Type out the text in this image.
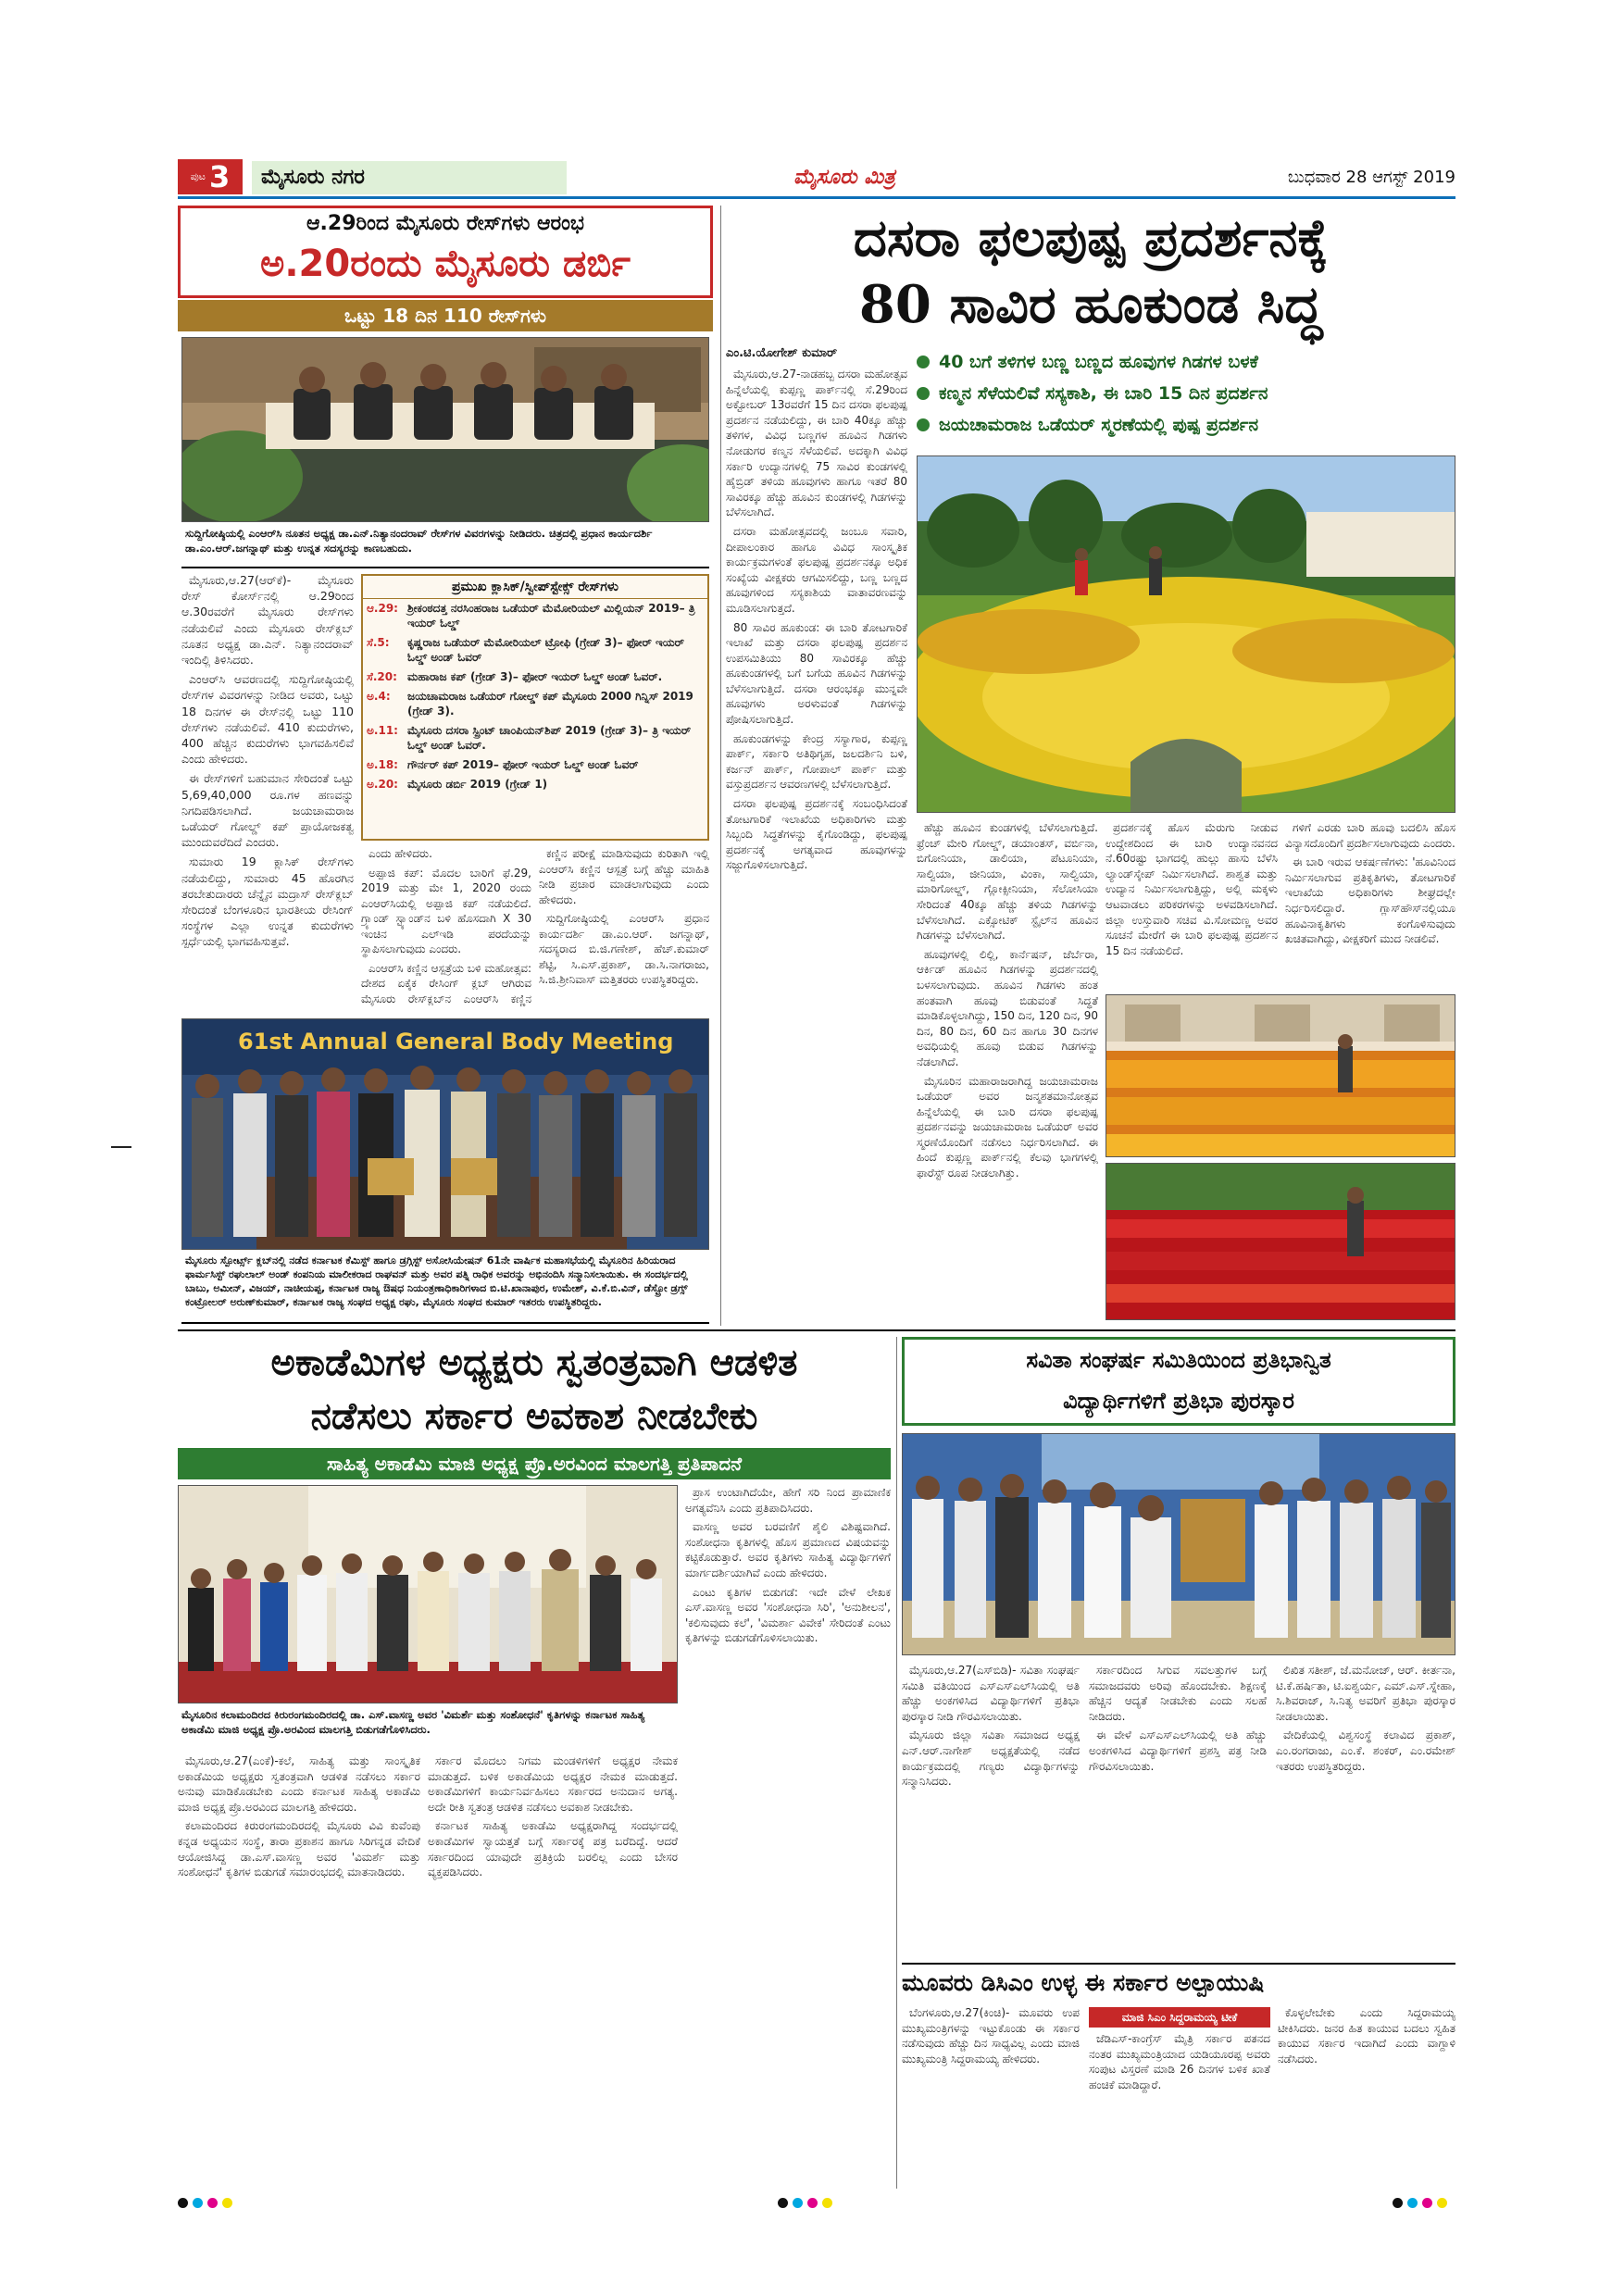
ಪುಟ 3	ಮೈಸೂರು ನಗರ	ಮೈಸೂರು ಮಿತ್ರ	ಬುಧವಾರ 28 ಆಗಸ್ಟ್ 2019
ಆ.29ರಿಂದ ಮೈಸೂರು ರೇಸ್‌ಗಳು ಆರಂಭ
ಅ.20ರಂದು ಮೈಸೂರು ಡರ್ಬಿ
ಒಟ್ಟು 18 ದಿನ 110 ರೇಸ್‌ಗಳು
ಸುದ್ದಿಗೋಷ್ಠಿಯಲ್ಲಿ ಎಂಆರ್‌ಸಿ ನೂತನ ಅಧ್ಯಕ್ಷ ಡಾ.ಎನ್.ನಿತ್ಯಾನಂದರಾವ್ ರೇಸ್‌ಗಳ ವಿವರಗಳನ್ನು ನೀಡಿದರು. ಚಿತ್ರದಲ್ಲಿ ಪ್ರಧಾನ ಕಾರ್ಯದರ್ಶಿ ಡಾ.ಎಂ.ಆರ್.ಜಗನ್ನಾಥ್ ಮತ್ತು ಉನ್ನತ ಸದಸ್ಯರನ್ನು ಕಾಣಬಹುದು.

ಮೈಸೂರು,ಆ.27(ಆರ್‌ಕೆ)- ಮೈಸೂರು ರೇಸ್ ಕೋರ್ಸ್‌ನಲ್ಲಿ ಆ.29ರಿಂದ ಆ.30ರವರೆಗೆ ಮೈಸೂರು ರೇಸ್‌ಗಳು ನಡೆಯಲಿವೆ ಎಂದು ಮೈಸೂರು ರೇಸ್‌ಕ್ಲಬ್ ನೂತನ ಅಧ್ಯಕ್ಷ ಡಾ.ಎನ್. ನಿತ್ಯಾನಂದರಾವ್ ಇಂದಿಲ್ಲಿ ತಿಳಿಸಿದರು.

ಎಂಆರ್‌ಸಿ ಆವರಣದಲ್ಲಿ ಸುದ್ದಿಗೋಷ್ಠಿಯಲ್ಲಿ ರೇಸ್‌ಗಳ ವಿವರಗಳನ್ನು ನೀಡಿದ ಅವರು, ಒಟ್ಟು 18 ದಿನಗಳ ಈ ರೇಸ್‌ನಲ್ಲಿ ಒಟ್ಟು 110 ರೇಸ್‌ಗಳು ನಡೆಯಲಿವೆ. 410 ಕುದುರೆಗಳು, 400 ಹೆಚ್ಚಿನ ಕುದುರೆಗಳು ಭಾಗವಹಿಸಲಿವೆ ಎಂದು ಹೇಳಿದರು.

ಈ ರೇಸ್‌ಗಳಿಗೆ ಬಹುಮಾನ ಸೇರಿದಂತೆ ಒಟ್ಟು 5,69,40,000 ರೂ.ಗಳ ಹಣವನ್ನು ನಿಗದಿಪಡಿಸಲಾಗಿದೆ. ಜಯಚಾಮರಾಜ ಒಡೆಯರ್ ಗೋಲ್ಡ್ ಕಪ್ ಪ್ರಾಯೋಜಕತ್ವ ಮುಂದುವರೆದಿದೆ ಎಂದರು.

ಸುಮಾರು 19 ಕ್ಲಾಸಿಕ್ ರೇಸ್‌ಗಳು ನಡೆಯಲಿದ್ದು, ಸುಮಾರು 45 ಹೊರಗಿನ ತರಬೇತುದಾರರು ಚೆನ್ನೈನ ಮದ್ರಾಸ್ ರೇಸ್‌ಕ್ಲಬ್ ಸೇರಿದಂತೆ ಬೆಂಗಳೂರಿನ ಭಾರತೀಯ ರೇಸಿಂಗ್ ಸಂಸ್ಥೆಗಳ ಎಲ್ಲಾ ಉನ್ನತ ಕುದುರೆಗಳು ಸ್ಪರ್ಧೆಯಲ್ಲಿ ಭಾಗವಹಿಸುತ್ತವೆ.

ಪ್ರಮುಖ ಕ್ಲಾಸಿಕ್/ಸ್ವೀಪ್‌ಸ್ಟೇಕ್ಸ್ ರೇಸ್‌ಗಳು
ಆ.29: ಶ್ರೀಕಂಠದತ್ತ ನರಸಿಂಹರಾಜ ಒಡೆಯರ್ ಮೆಮೋರಿಯಲ್ ಮಿಲ್ಲಿಯನ್ 2019– ತ್ರಿ ಇಯರ್ ಓಲ್ಡ್
ಸೆ.5:	ಕೃಷ್ಣರಾಜ ಒಡೆಯರ್ ಮೆಮೋರಿಯಲ್ ಟ್ರೋಫಿ (ಗ್ರೇಡ್ 3)– ಫೋರ್ ಇಯರ್ ಓಲ್ಡ್ ಅಂಡ್ ಓವರ್
ಸೆ.20: ಮಹಾರಾಜ ಕಪ್ (ಗ್ರೇಡ್ 3)– ಫೋರ್ ಇಯರ್ ಓಲ್ಡ್ ಅಂಡ್ ಓವರ್.
ಅ.4:	ಜಯಚಾಮರಾಜ ಒಡೆಯರ್ ಗೋಲ್ಡ್ ಕಪ್ ಮೈಸೂರು 2000 ಗಿನ್ನಿಸ್ 2019 (ಗ್ರೇಡ್ 3).
ಅ.11: ಮೈಸೂರು ದಸರಾ ಸ್ಪ್ರಿಂಟ್ ಚಾಂಪಿಯನ್‌ಶಿಪ್ 2019 (ಗ್ರೇಡ್ 3)– ತ್ರಿ ಇಯರ್ ಓಲ್ಡ್ ಅಂಡ್ ಓವರ್.
ಅ.18: ಗೌರ್ನರ್ ಕಪ್ 2019– ಫೋರ್ ಇಯರ್ ಓಲ್ಡ್ ಅಂಡ್ ಓವರ್
ಅ.20: ಮೈಸೂರು ಡರ್ಬಿ 2019 (ಗ್ರೇಡ್ 1)

ಎಂದು ಹೇಳಿದರು.

ಅಪ್ಪಾಜಿ ಕಪ್: ಮೊದಲ ಬಾರಿಗೆ ಫೆ.29, 2019 ಮತ್ತು ಮೇ 1, 2020 ರಂದು ಎಂಆರ್‌ಸಿಯಲ್ಲಿ ಅಪ್ಪಾಜಿ ಕಪ್ ನಡೆಯಲಿದೆ. ಗ್ರ್ಯಾಂಡ್ ಸ್ಟ್ಯಾಂಡ್‌ನ ಬಳಿ ಹೊಸದಾಗಿ X 30 ಇಂಚಿನ ಎಲ್ಇಡಿ ಪರದೆಯನ್ನು ಸ್ಥಾಪಿಸಲಾಗುವುದು ಎಂದರು.

ಎಂಆರ್‌ಸಿ ಕಣ್ಣಿನ ಆಸ್ಪತ್ರೆಯ ಬಳಿ ಮಹೋತ್ಸವ: ದೇಶದ ಏಕೈಕ ರೇಸಿಂಗ್ ಕ್ಲಬ್ ಆಗಿರುವ ಮೈಸೂರು ರೇಸ್‌ಕ್ಲಬ್‌ನ ಎಂಆರ್‌ಸಿ ಕಣ್ಣಿನ

ಕಣ್ಣಿನ ಪರೀಕ್ಷೆ ಮಾಡಿಸುವುದು ಕುರಿತಾಗಿ ಇಲ್ಲಿ ಎಂಆರ್‌ಸಿ ಕಣ್ಣಿನ ಆಸ್ಪತ್ರೆ ಬಗ್ಗೆ ಹೆಚ್ಚು ಮಾಹಿತಿ ನೀಡಿ ಪ್ರಚಾರ ಮಾಡಲಾಗುವುದು ಎಂದು ಹೇಳಿದರು.

ಸುದ್ದಿಗೋಷ್ಠಿಯಲ್ಲಿ ಎಂಆರ್‌ಸಿ ಪ್ರಧಾನ ಕಾರ್ಯದರ್ಶಿ ಡಾ.ಎಂ.ಆರ್. ಜಗನ್ನಾಥ್, ಸದಸ್ಯರಾದ ಬಿ.ಜಿ.ಗಣೇಶ್, ಹೆಚ್.ಕುಮಾರ್ ಶೆಟ್ಟಿ, ಸಿ.ಎಸ್.ಪ್ರಕಾಶ್, ಡಾ.ಸಿ.ನಾಗರಾಜು, ಸಿ.ಜಿ.ಶ್ರೀನಿವಾಸ್ ಮತ್ತಿತರರು ಉಪಸ್ಥಿತರಿದ್ದರು.

61st Annual General Body Meeting
ಮೈಸೂರು ಸ್ಪೋರ್ಟ್ಸ್ ಕ್ಲಬ್‌ನಲ್ಲಿ ನಡೆದ ಕರ್ನಾಟಕ ಕೆಮಿಸ್ಟ್ ಹಾಗೂ ಡ್ರಗ್ಗಿಸ್ಟ್ ಅಸೋಸಿಯೇಷನ್ 61ನೇ ವಾರ್ಷಿಕ ಮಹಾಸಭೆಯಲ್ಲಿ ಮೈಸೂರಿನ ಹಿರಿಯರಾದ ಫಾರ್ಮಸಿಸ್ಟ್ ರಘುಲಾಲ್ ಅಂಡ್ ಕಂಪನಿಯ ಮಾಲೀಕರಾದ ರಾಘವನ್ ಮತ್ತು ಅವರ ಪತ್ನಿ ರಾಧಿಕ ಅವರನ್ನು ಅಭಿನಂದಿಸಿ ಸನ್ಮಾನಿಸಲಾಯಿತು. ಈ ಸಂದರ್ಭದಲ್ಲಿ ಬಾಬು, ಅಮೀನ್, ವಿಜಯ್, ನಾಚೀಯಪ್ಪ, ಕರ್ನಾಟಕ ರಾಜ್ಯ ಔಷಧ ನಿಯಂತ್ರಣಾಧಿಕಾರಿಗಳಾದ ಬಿ.ಟಿ.ಖಾನಾಪುರ, ಉಮೇಶ್, ವಿ.ಕೆ.ಬಿ.ವಿನ್, ಡೆಸ್ಟ್ರೋ ಡ್ರಗ್ಸ್ ಕಂಟ್ರೋಲರ್ ಅರುಣ್‌ಕುಮಾರ್, ಕರ್ನಾಟಕ ರಾಜ್ಯ ಸಂಘದ ಅಧ್ಯಕ್ಷ ರಘು, ಮೈಸೂರು ಸಂಘದ ಕುಮಾರ್ ಇತರರು ಉಪಸ್ಥಿತರಿದ್ದರು.
ದಸರಾ ಫಲಪುಷ್ಪ ಪ್ರದರ್ಶನಕ್ಕೆ
80 ಸಾವಿರ ಹೂಕುಂಡ ಸಿದ್ಧ
ಎಂ.ಟಿ.ಯೋಗೇಶ್ ಕುಮಾರ್

ಮೈಸೂರು,ಆ.27-ನಾಡಹಬ್ಬ ದಸರಾ ಮಹೋತ್ಸವ ಹಿನ್ನೆಲೆಯಲ್ಲಿ ಕುಪ್ಪಣ್ಣ ಪಾರ್ಕ್‌ನಲ್ಲಿ ಸೆ.29ರಿಂದ ಅಕ್ಟೋಬರ್ 13ರವರೆಗೆ 15 ದಿನ ದಸರಾ ಫಲಪುಷ್ಪ ಪ್ರದರ್ಶನ ನಡೆಯಲಿದ್ದು, ಈ ಬಾರಿ 40ಕ್ಕೂ ಹೆಚ್ಚು ತಳಿಗಳ, ವಿವಿಧ ಬಣ್ಣಗಳ ಹೂವಿನ ಗಿಡಗಳು ನೋಡುಗರ ಕಣ್ಮನ ಸೆಳೆಯಲಿವೆ. ಅದಕ್ಕಾಗಿ ವಿವಿಧ ಸರ್ಕಾರಿ ಉದ್ಯಾನಗಳಲ್ಲಿ 75 ಸಾವಿರ ಕುಂಡಗಳಲ್ಲಿ ಹೈಬ್ರಿಡ್ ತಳಿಯ ಹೂವುಗಳು ಹಾಗೂ ಇತರೆ 80 ಸಾವಿರಕ್ಕೂ ಹೆಚ್ಚು ಹೂವಿನ ಕುಂಡಗಳಲ್ಲಿ ಗಿಡಗಳನ್ನು ಬೆಳೆಸಲಾಗಿದೆ.

ದಸರಾ ಮಹೋತ್ಸವದಲ್ಲಿ ಜಂಬೂ ಸವಾರಿ, ದೀಪಾಲಂಕಾರ ಹಾಗೂ ವಿವಿಧ ಸಾಂಸ್ಕೃತಿಕ ಕಾರ್ಯಕ್ರಮಗಳಂತೆ ಫಲಪುಷ್ಪ ಪ್ರದರ್ಶನಕ್ಕೂ ಅಧಿಕ ಸಂಖ್ಯೆಯ ವೀಕ್ಷಕರು ಆಗಮಿಸಲಿದ್ದು, ಬಣ್ಣ ಬಣ್ಣದ ಹೂವುಗಳಿಂದ ಸಸ್ಯಕಾಶಿಯ ವಾತಾವರಣವನ್ನು ಮೂಡಿಸಲಾಗುತ್ತದೆ.

80 ಸಾವಿರ ಹೂಕುಂಡ: ಈ ಬಾರಿ ತೋಟಗಾರಿಕೆ ಇಲಾಖೆ ಮತ್ತು ದಸರಾ ಫಲಪುಷ್ಪ ಪ್ರದರ್ಶನ ಉಪಸಮಿತಿಯು 80 ಸಾವಿರಕ್ಕೂ ಹೆಚ್ಚು ಹೂಕುಂಡಗಳಲ್ಲಿ ಬಗೆ ಬಗೆಯ ಹೂವಿನ ಗಿಡಗಳನ್ನು ಬೆಳೆಸಲಾಗುತ್ತಿದೆ. ದಸರಾ ಆರಂಭಕ್ಕೂ ಮುನ್ನವೇ ಹೂವುಗಳು ಅರಳುವಂತೆ ಗಿಡಗಳನ್ನು ಪೋಷಿಸಲಾಗುತ್ತಿದೆ.

ಹೂಕುಂಡಗಳನ್ನು ಕೇಂದ್ರ ಸಸ್ಯಾಗಾರ, ಕುಪ್ಪಣ್ಣ ಪಾರ್ಕ್, ಸರ್ಕಾರಿ ಅತಿಥಿಗೃಹ, ಜಲದರ್ಶಿನಿ ಬಳಿ, ಕರ್ಜನ್ ಪಾರ್ಕ್, ಗೋಪಾಲ್ ಪಾರ್ಕ್ ಮತ್ತು ವಸ್ತುಪ್ರದರ್ಶನ ಆವರಣಗಳಲ್ಲಿ ಬೆಳೆಸಲಾಗುತ್ತಿದೆ.

ದಸರಾ ಫಲಪುಷ್ಪ ಪ್ರದರ್ಶನಕ್ಕೆ ಸಂಬಂಧಿಸಿದಂತೆ ತೋಟಗಾರಿಕೆ ಇಲಾಖೆಯ ಅಧಿಕಾರಿಗಳು ಮತ್ತು ಸಿಬ್ಬಂದಿ ಸಿದ್ಧತೆಗಳನ್ನು ಕೈಗೊಂಡಿದ್ದು, ಫಲಪುಷ್ಪ ಪ್ರದರ್ಶನಕ್ಕೆ ಅಗತ್ಯವಾದ ಹೂವುಗಳನ್ನು ಸಜ್ಜುಗೊಳಿಸಲಾಗುತ್ತಿದೆ.

40 ಬಗೆ ತಳಿಗಳ ಬಣ್ಣ ಬಣ್ಣದ ಹೂವುಗಳ ಗಿಡಗಳ ಬಳಕೆ
ಕಣ್ಮನ ಸೆಳೆಯಲಿವೆ ಸಸ್ಯಕಾಶಿ, ಈ ಬಾರಿ 15 ದಿನ ಪ್ರದರ್ಶನ
ಜಯಚಾಮರಾಜ ಒಡೆಯರ್ ಸ್ಮರಣೆಯಲ್ಲಿ ಪುಷ್ಪ ಪ್ರದರ್ಶನ

ಹೆಚ್ಚು ಹೂವಿನ ಕುಂಡಗಳಲ್ಲಿ ಬೆಳೆಸಲಾಗುತ್ತಿದೆ. ಫ್ರೆಂಚ್ ಮೇರಿ ಗೋಲ್ಡ್, ಡಯಾಂತಸ್, ವರ್ಬಿನಾ, ಬಿಗೋನಿಯಾ, ಡಾಲಿಯಾ, ಪೆಟೂನಿಯಾ, ಸಾಲ್ವಿಯಾ, ಜೀನಿಯಾ, ವಿಂಕಾ, ಸಾಲ್ವಿಯಾ, ಮಾರಿಗೋಲ್ಡ್, ಗ್ಲೋಕ್ಸೀನಿಯಾ, ಸೆಲೋಸಿಯಾ ಸೇರಿದಂತೆ 40ಕ್ಕೂ ಹೆಚ್ಚು ತಳಿಯ ಗಿಡಗಳನ್ನು ಬೆಳೆಸಲಾಗಿದೆ. ಎಕ್ಸೋಟಿಕ್ ಸ್ಟೈಲ್‌ನ ಹೂವಿನ ಗಿಡಗಳನ್ನು ಬೆಳೆಸಲಾಗಿದೆ.

ಹೂವುಗಳಲ್ಲಿ ಲಿಲ್ಲಿ, ಕಾರ್ನೆಷನ್, ಜೆರ್ಬೆರಾ, ಆರ್ಕಿಡ್ ಹೂವಿನ ಗಿಡಗಳನ್ನು ಪ್ರದರ್ಶನದಲ್ಲಿ ಬಳಸಲಾಗುವುದು. ಹೂವಿನ ಗಿಡಗಳು ಹಂತ ಹಂತವಾಗಿ ಹೂವು ಬಿಡುವಂತೆ ಸಿದ್ಧತೆ ಮಾಡಿಕೊಳ್ಳಲಾಗಿದ್ದು, 150 ದಿನ, 120 ದಿನ, 90 ದಿನ, 80 ದಿನ, 60 ದಿನ ಹಾಗೂ 30 ದಿನಗಳ ಅವಧಿಯಲ್ಲಿ ಹೂವು ಬಿಡುವ ಗಿಡಗಳನ್ನು ನೆಡಲಾಗಿದೆ.

ಮೈಸೂರಿನ ಮಹಾರಾಜರಾಗಿದ್ದ ಜಯಚಾಮರಾಜ ಒಡೆಯರ್ ಅವರ ಜನ್ಮಶತಮಾನೋತ್ಸವ ಹಿನ್ನೆಲೆಯಲ್ಲಿ ಈ ಬಾರಿ ದಸರಾ ಫಲಪುಷ್ಪ ಪ್ರದರ್ಶನವನ್ನು ಜಯಚಾಮರಾಜ ಒಡೆಯರ್ ಅವರ ಸ್ಮರಣೆಯೊಂದಿಗೆ ನಡೆಸಲು ನಿರ್ಧರಿಸಲಾಗಿದೆ. ಈ ಹಿಂದೆ ಕುಪ್ಪಣ್ಣ ಪಾರ್ಕ್‌ನಲ್ಲಿ ಕೆಲವು ಭಾಗಗಳಲ್ಲಿ ಫಾರೆಸ್ಟ್ ರೂಪ ನೀಡಲಾಗಿತ್ತು.

ಪ್ರದರ್ಶನಕ್ಕೆ ಹೊಸ ಮೆರುಗು ನೀಡುವ ಉದ್ದೇಶದಿಂದ ಈ ಬಾರಿ ಉದ್ಯಾನವನದ ನೆ.60ರಷ್ಟು ಭಾಗದಲ್ಲಿ ಹುಲ್ಲು ಹಾಸು ಬೆಳೆಸಿ ಲ್ಯಾಂಡ್‌ಸ್ಕೇಪ್ ನಿರ್ಮಿಸಲಾಗಿದೆ. ಶಾಶ್ವತ ಮತ್ತು ಉದ್ಯಾನ ನಿರ್ಮಿಸಲಾಗುತ್ತಿದ್ದು, ಅಲ್ಲಿ ಮಕ್ಕಳು ಆಟವಾಡಲು ಪರಿಕರಗಳನ್ನು ಅಳವಡಿಸಲಾಗಿದೆ. ಜಿಲ್ಲಾ ಉಸ್ತುವಾರಿ ಸಚಿವ ವಿ.ಸೋಮಣ್ಣ ಅವರ ಸೂಚನೆ ಮೇರೆಗೆ ಈ ಬಾರಿ ಫಲಪುಷ್ಪ ಪ್ರದರ್ಶನ 15 ದಿನ ನಡೆಯಲಿದೆ.

ಗಳಿಗೆ ಎರಡು ಬಾರಿ ಹೂವು ಬದಲಿಸಿ ಹೊಸ ವಿನ್ಯಾಸದೊಂದಿಗೆ ಪ್ರದರ್ಶಿಸಲಾಗುವುದು ಎಂದರು.

ಈ ಬಾರಿ ಇರುವ ಆಕರ್ಷಣೆಗಳು: 'ಹೂವಿನಿಂದ ನಿರ್ಮಿಸಲಾಗುವ ಪ್ರತಿಕೃತಿಗಳು, ತೋಟಗಾರಿಕೆ ಇಲಾಖೆಯ ಅಧಿಕಾರಿಗಳು ಶೀಘ್ರದಲ್ಲೇ ನಿರ್ಧರಿಸಲಿದ್ದಾರೆ. ಗ್ಲಾಸ್‌ಹೌಸ್‌ನಲ್ಲಿಯೂ ಹೂವಿನಾಕೃತಿಗಳು ಕಂಗೊಳಿಸುವುದು ಖಚಿತವಾಗಿದ್ದು, ವೀಕ್ಷಕರಿಗೆ ಮುದ ನೀಡಲಿವೆ.

ಅಕಾಡೆಮಿಗಳ ಅಧ್ಯಕ್ಷರು ಸ್ವತಂತ್ರವಾಗಿ ಆಡಳಿತ
ನಡೆಸಲು ಸರ್ಕಾರ ಅವಕಾಶ ನೀಡಬೇಕು
ಸಾಹಿತ್ಯ ಅಕಾಡೆಮಿ ಮಾಜಿ ಅಧ್ಯಕ್ಷ ಪ್ರೊ.ಅರವಿಂದ ಮಾಲಗತ್ತಿ ಪ್ರತಿಪಾದನೆ
ಮೈಸೂರಿನ ಕಲಾಮಂದಿರದ ಕಿರುರಂಗಮಂದಿರದಲ್ಲಿ ಡಾ. ಎಸ್.ವಾಸಣ್ಣ ಅವರ 'ವಿಮರ್ಶೆ ಮತ್ತು ಸಂಶೋಧನೆ' ಕೃತಿಗಳನ್ನು ಕರ್ನಾಟಕ ಸಾಹಿತ್ಯ ಅಕಾಡೆಮಿ ಮಾಜಿ ಅಧ್ಯಕ್ಷ ಪ್ರೊ.ಅರವಿಂದ ಮಾಲಗತ್ತಿ ಬಿಡುಗಡೆಗೊಳಿಸಿದರು.

ಪ್ರಾಸ ಉಂಟಾಗಿದೆಯೇ, ಹೇಗೆ ಸರಿ ನಿಂದ ಪ್ರಾಮಾಣಿಕ ಅಗತ್ಯವೆನಿಸಿ ಎಂದು ಪ್ರತಿಪಾದಿಸಿದರು.

ವಾಸಣ್ಣ ಅವರ ಬರವಣಿಗೆ ಶೈಲಿ ವಿಶಿಷ್ಟವಾಗಿದೆ. ಸಂಶೋಧನಾ ಕೃತಿಗಳಲ್ಲಿ ಹೊಸ ಪ್ರಮಾಣದ ವಿಷಯವನ್ನು ಕಟ್ಟಿಕೊಡುತ್ತಾರೆ. ಅವರ ಕೃತಿಗಳು ಸಾಹಿತ್ಯ ವಿದ್ಯಾರ್ಥಿಗಳಿಗೆ ಮಾರ್ಗದರ್ಶಿಯಾಗಿವೆ ಎಂದು ಹೇಳಿದರು.

ಎಂಟು ಕೃತಿಗಳ ಬಿಡುಗಡೆ: ಇದೇ ವೇಳೆ ಲೇಖಕ ಎಸ್.ವಾಸಣ್ಣ ಅವರ 'ಸಂಶೋಧನಾ ಸಿರಿ', 'ಅನುಶೀಲನ', 'ಕಲಿಸುವುದು ಕಲೆ', 'ವಿಮರ್ಶಾ ವಿವೇಕ' ಸೇರಿದಂತೆ ಎಂಟು ಕೃತಿಗಳನ್ನು ಬಿಡುಗಡೆಗೊಳಿಸಲಾಯಿತು.

ಮೈಸೂರು,ಆ.27(ಎಂಕೆ)-ಕಲೆ, ಸಾಹಿತ್ಯ ಮತ್ತು ಸಾಂಸ್ಕೃತಿಕ ಅಕಾಡೆಮಿಯ ಅಧ್ಯಕ್ಷರು ಸ್ವತಂತ್ರವಾಗಿ ಆಡಳಿತ ನಡೆಸಲು ಸರ್ಕಾರ ಅನುವು ಮಾಡಿಕೊಡಬೇಕು ಎಂದು ಕರ್ನಾಟಕ ಸಾಹಿತ್ಯ ಅಕಾಡೆಮಿ ಮಾಜಿ ಅಧ್ಯಕ್ಷ ಪ್ರೊ.ಅರವಿಂದ ಮಾಲಗತ್ತಿ ಹೇಳಿದರು.

ಕಲಾಮಂದಿರದ ಕಿರುರಂಗಮಂದಿರದಲ್ಲಿ ಮೈಸೂರು ವಿವಿ ಕುವೆಂಪು ಕನ್ನಡ ಅಧ್ಯಯನ ಸಂಸ್ಥೆ, ತಾರಾ ಪ್ರಕಾಶನ ಹಾಗೂ ಸಿರಿಗನ್ನಡ ವೇದಿಕೆ ಆಯೋಜಿಸಿದ್ದ ಡಾ.ಎಸ್.ವಾಸಣ್ಣ ಅವರ 'ವಿಮರ್ಶೆ ಮತ್ತು ಸಂಶೋಧನೆ' ಕೃತಿಗಳ ಬಿಡುಗಡೆ ಸಮಾರಂಭದಲ್ಲಿ ಮಾತನಾಡಿದರು.

ಸರ್ಕಾರ ಮೊದಲು ನಿಗಮ ಮಂಡಳಿಗಳಿಗೆ ಅಧ್ಯಕ್ಷರ ನೇಮಕ ಮಾಡುತ್ತದೆ. ಬಳಿಕ ಅಕಾಡೆಮಿಯ ಅಧ್ಯಕ್ಷರ ನೇಮಕ ಮಾಡುತ್ತದೆ. ಅಕಾಡೆಮಿಗಳಿಗೆ ಕಾರ್ಯನಿರ್ವಹಿಸಲು ಸರ್ಕಾರದ ಅನುದಾನ ಅಗತ್ಯ. ಅದೇ ರೀತಿ ಸ್ವತಂತ್ರ ಆಡಳಿತ ನಡೆಸಲು ಅವಕಾಶ ನೀಡಬೇಕು.

ಕರ್ನಾಟಕ ಸಾಹಿತ್ಯ ಅಕಾಡೆಮಿ ಅಧ್ಯಕ್ಷರಾಗಿದ್ದ ಸಂದರ್ಭದಲ್ಲಿ ಅಕಾಡೆಮಿಗಳ ಸ್ವಾಯತ್ತತೆ ಬಗ್ಗೆ ಸರ್ಕಾರಕ್ಕೆ ಪತ್ರ ಬರೆದಿದ್ದೆ. ಆದರೆ ಸರ್ಕಾರದಿಂದ ಯಾವುದೇ ಪ್ರತಿಕ್ರಿಯೆ ಬರಲಿಲ್ಲ ಎಂದು ಬೇಸರ ವ್ಯಕ್ತಪಡಿಸಿದರು.

ಸವಿತಾ ಸಂಘರ್ಷ ಸಮಿತಿಯಿಂದ ಪ್ರತಿಭಾನ್ವಿತ
ವಿದ್ಯಾರ್ಥಿಗಳಿಗೆ ಪ್ರತಿಭಾ ಪುರಸ್ಕಾರ

ಮೈಸೂರು,ಆ.27(ಎಸ್‌ಬಿಡಿ)- ಸವಿತಾ ಸಂಘರ್ಷ ಸಮಿತಿ ವತಿಯಿಂದ ಎಸ್‌ಎಸ್‌ಎಲ್‌ಸಿಯಲ್ಲಿ ಅತಿ ಹೆಚ್ಚು ಅಂಕಗಳಿಸಿದ ವಿದ್ಯಾರ್ಥಿಗಳಿಗೆ ಪ್ರತಿಭಾ ಪುರಸ್ಕಾರ ನೀಡಿ ಗೌರವಿಸಲಾಯಿತು.

ಮೈಸೂರು ಜಿಲ್ಲಾ ಸವಿತಾ ಸಮಾಜದ ಅಧ್ಯಕ್ಷ ಎನ್.ಆರ್.ನಾಗೇಶ್ ಅಧ್ಯಕ್ಷತೆಯಲ್ಲಿ ನಡೆದ ಕಾರ್ಯಕ್ರಮದಲ್ಲಿ ಗಣ್ಯರು ವಿದ್ಯಾರ್ಥಿಗಳನ್ನು ಸನ್ಮಾನಿಸಿದರು.

ಸರ್ಕಾರದಿಂದ ಸಿಗುವ ಸವಲತ್ತುಗಳ ಬಗ್ಗೆ ಸಮಾಜದವರು ಅರಿವು ಹೊಂದಬೇಕು. ಶಿಕ್ಷಣಕ್ಕೆ ಹೆಚ್ಚಿನ ಆದ್ಯತೆ ನೀಡಬೇಕು ಎಂದು ಸಲಹೆ ನೀಡಿದರು.

ಈ ವೇಳೆ ಎಸ್‌ಎಸ್‌ಎಲ್‌ಸಿಯಲ್ಲಿ ಅತಿ ಹೆಚ್ಚು ಅಂಕಗಳಿಸಿದ ವಿದ್ಯಾರ್ಥಿಗಳಿಗೆ ಪ್ರಶಸ್ತಿ ಪತ್ರ ನೀಡಿ ಗೌರವಿಸಲಾಯಿತು.

ಲಿಖಿತ ಸತೀಶ್, ಜೆ.ಮನೋಜ್, ಆರ್. ಕೀರ್ತನಾ, ಟಿ.ಕೆ.ಹರ್ಷಿತಾ, ಟಿ.ಐಶ್ವರ್ಯ, ಎಮ್.ಎಸ್.ಸ್ನೇಹಾ, ಸಿ.ಶಿವರಾಜ್, ಸಿ.ನಿತ್ಯ ಅವರಿಗೆ ಪ್ರತಿಭಾ ಪುರಸ್ಕಾರ ನೀಡಲಾಯಿತು.

ವೇದಿಕೆಯಲ್ಲಿ ವಿಶ್ವಸಂಸ್ಥೆ ಕಲಾವಿದ ಪ್ರಕಾಶ್, ಎಂ.ರಂಗರಾಜು, ಎಂ.ಕೆ. ಶಂಕರ್, ಎಂ.ರಮೇಶ್ ಇತರರು ಉಪಸ್ಥಿತರಿದ್ದರು.

ಮೂವರು ಡಿಸಿಎಂ ಉಳ್ಳ ಈ ಸರ್ಕಾರ ಅಲ್ಪಾಯುಷಿ

ಬೆಂಗಳೂರು,ಆ.27(ಕಿಂಚಿ)- ಮೂವರು ಉಪ ಮುಖ್ಯಮಂತ್ರಿಗಳನ್ನು ಇಟ್ಟುಕೊಂಡು ಈ ಸರ್ಕಾರ ನಡೆಸುವುದು ಹೆಚ್ಚು ದಿನ ಸಾಧ್ಯವಿಲ್ಲ ಎಂದು ಮಾಜಿ ಮುಖ್ಯಮಂತ್ರಿ ಸಿದ್ದರಾಮಯ್ಯ ಹೇಳಿದರು.

ಮಾಜಿ ಸಿಎಂ ಸಿದ್ದರಾಮಯ್ಯ ಟೀಕೆ

ಜೆಡಿಎಸ್-ಕಾಂಗ್ರೆಸ್ ಮೈತ್ರಿ ಸರ್ಕಾರ ಪತನದ ನಂತರ ಮುಖ್ಯಮಂತ್ರಿಯಾದ ಯಡಿಯೂರಪ್ಪ ಅವರು ಸಂಪುಟ ವಿಸ್ತರಣೆ ಮಾಡಿ 26 ದಿನಗಳ ಬಳಿಕ ಖಾತೆ ಹಂಚಿಕೆ ಮಾಡಿದ್ದಾರೆ.

ಕೊಳ್ಳಲೇಬೇಕು ಎಂದು ಸಿದ್ದರಾಮಯ್ಯ ಟೀಕಿಸಿದರು. ಜನರ ಹಿತ ಕಾಯುವ ಬದಲು ಸ್ವಹಿತ ಕಾಯುವ ಸರ್ಕಾರ ಇದಾಗಿದೆ ಎಂದು ವಾಗ್ದಾಳಿ ನಡೆಸಿದರು.
